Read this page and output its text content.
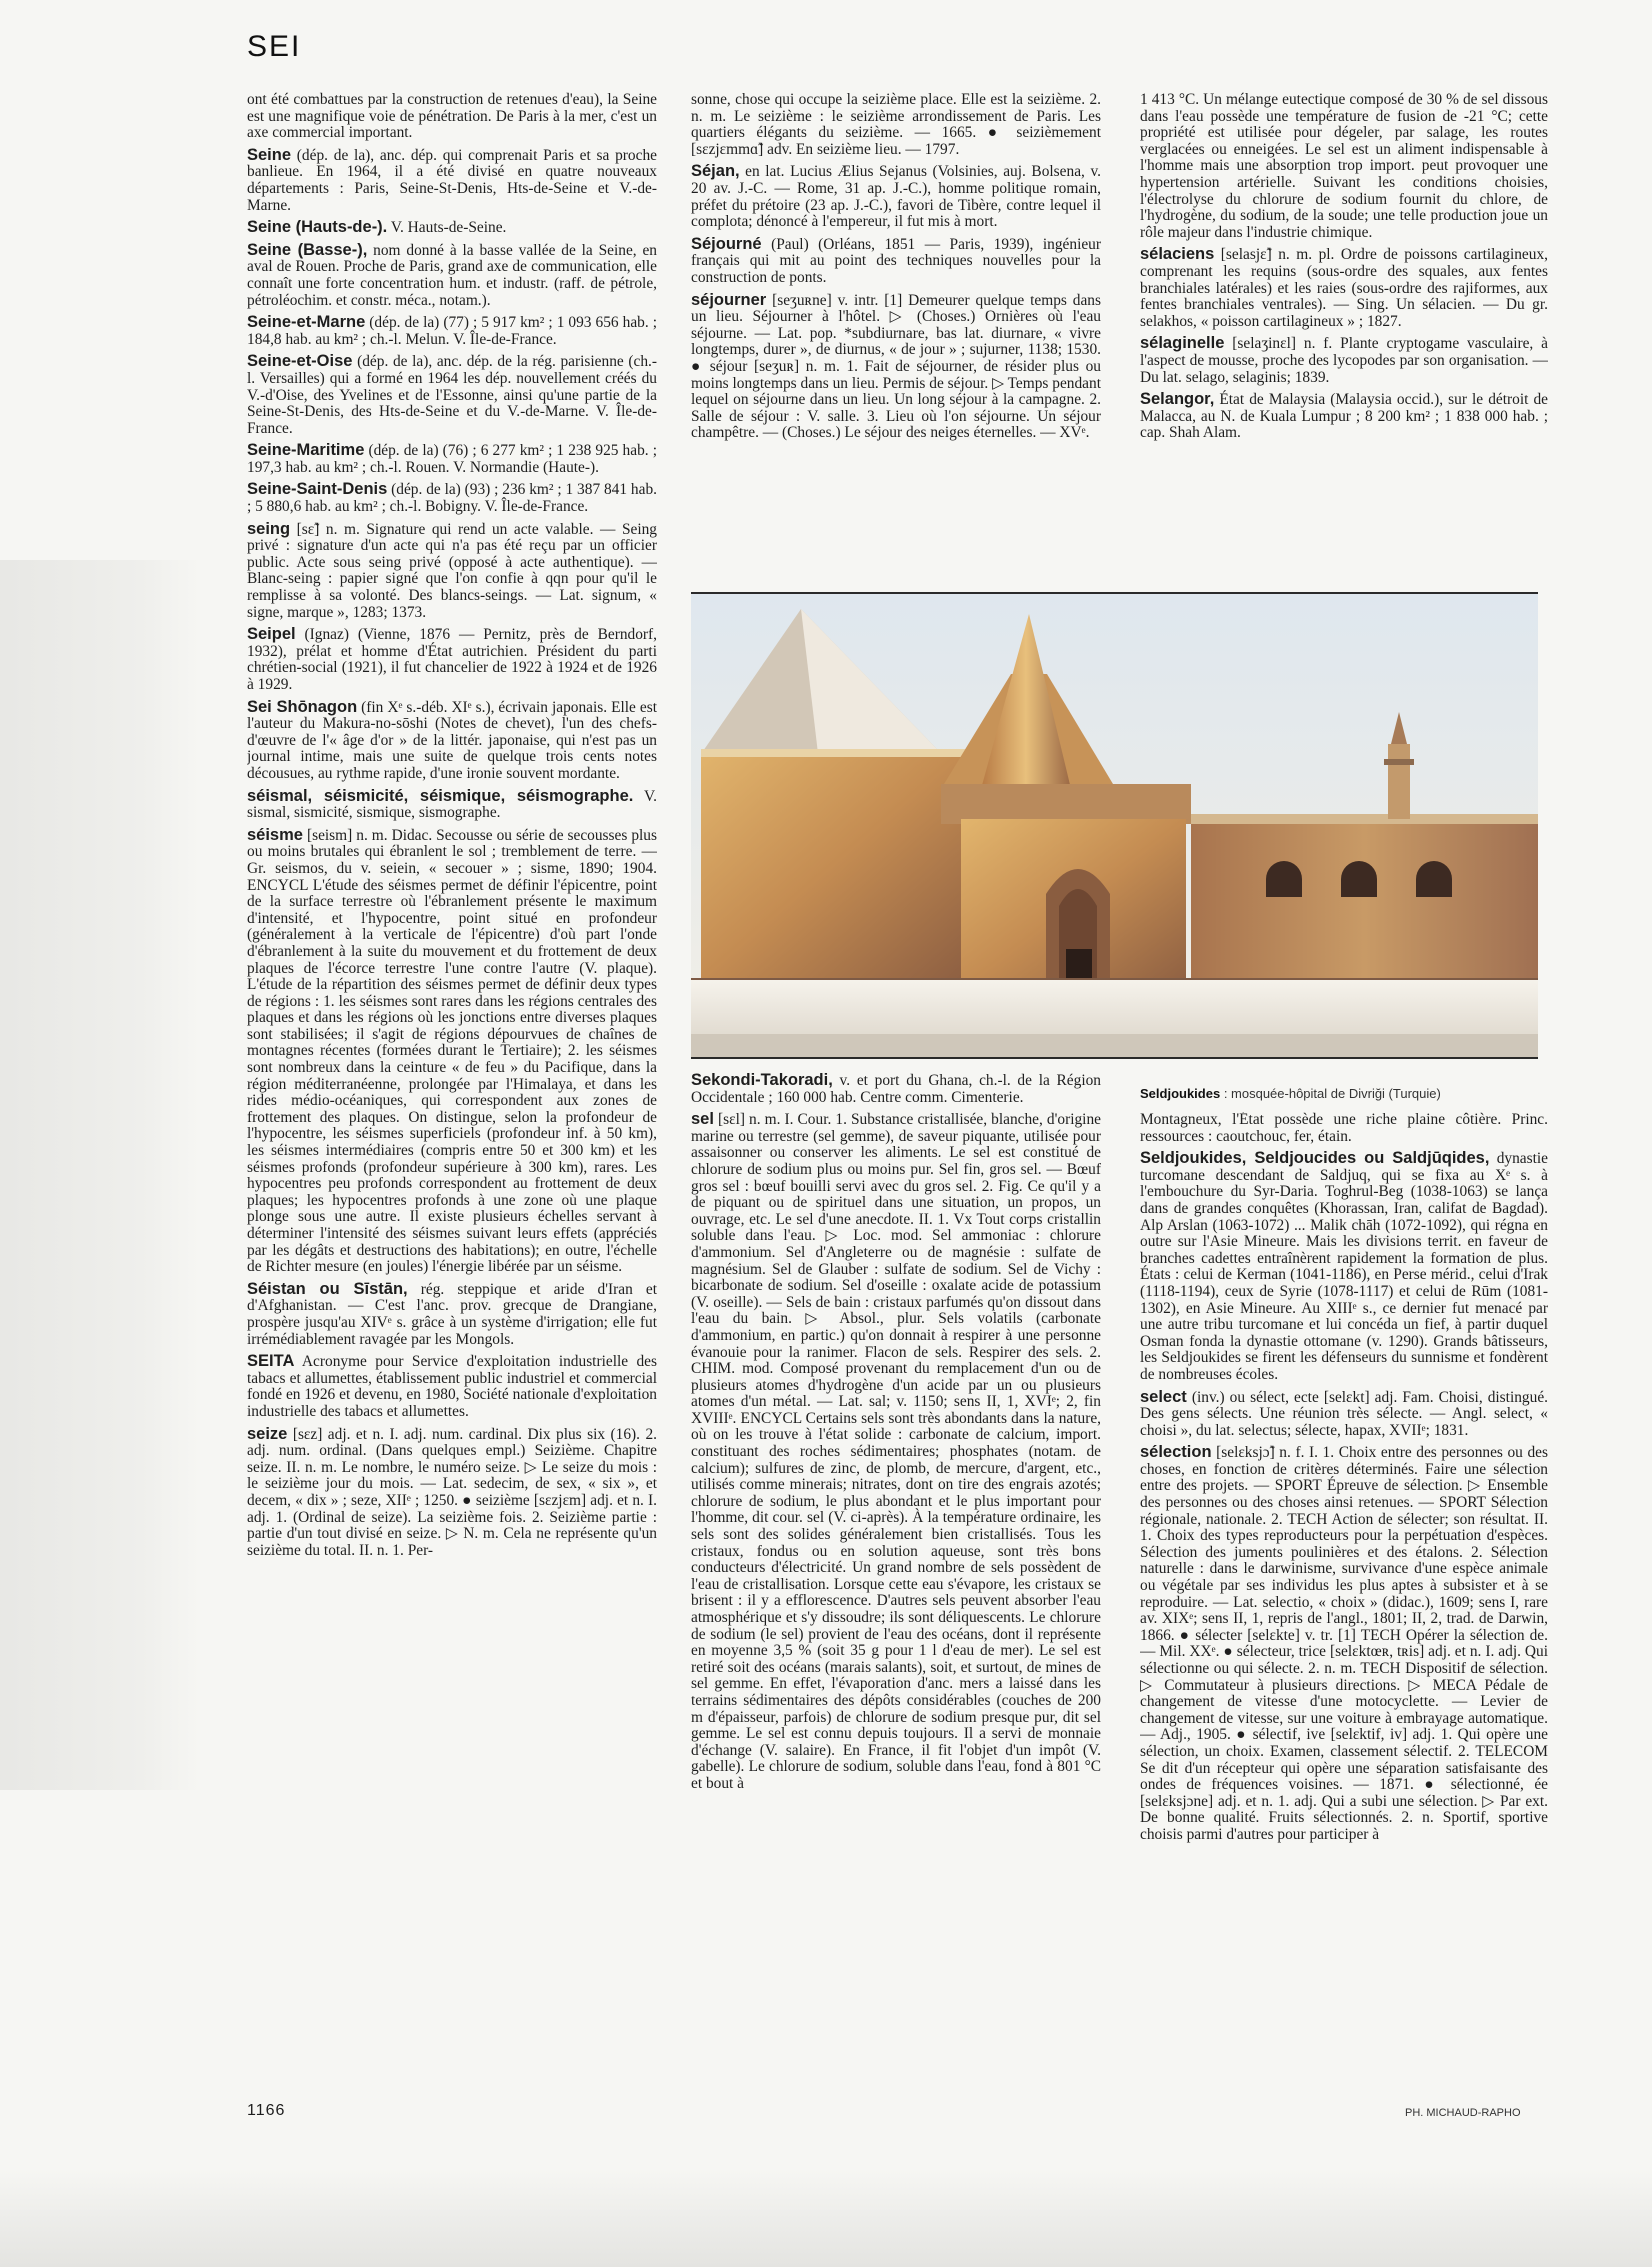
SEI

ont été combattues par la construction de retenues d'eau), la Seine est une magnifique voie de pénétration. De Paris à la mer, c'est un axe commercial important.

Seine (dép. de la), anc. dép. qui comprenait Paris et sa proche banlieue. En 1964, il a été divisé en quatre nouveaux départements : Paris, Seine-St-Denis, Hts-de-Seine et V.-de-Marne.

Seine (Hauts-de-). V. Hauts-de-Seine.

Seine (Basse-), nom donné à la basse vallée de la Seine, en aval de Rouen. Proche de Paris, grand axe de communication, elle connaît une forte concentration hum. et industr. (raff. de pétrole, pétroléochim. et constr. méca., notam.).

Seine-et-Marne (dép. de la) (77) ; 5 917 km² ; 1 093 656 hab. ; 184,8 hab. au km² ; ch.-l. Melun. V. Île-de-France.

Seine-et-Oise (dép. de la), anc. dép. de la rég. parisienne (ch.-l. Versailles) qui a formé en 1964 les dép. nouvellement créés du V.-d'Oise, des Yvelines et de l'Essonne, ainsi qu'une partie de la Seine-St-Denis, des Hts-de-Seine et du V.-de-Marne. V. Île-de-France.

Seine-Maritime (dép. de la) (76) ; 6 277 km² ; 1 238 925 hab. ; 197,3 hab. au km² ; ch.-l. Rouen. V. Normandie (Haute-).

Seine-Saint-Denis (dép. de la) (93) ; 236 km² ; 1 387 841 hab. ; 5 880,6 hab. au km² ; ch.-l. Bobigny. V. Île-de-France.

seing [sɛ̃] n. m. Signature qui rend un acte valable. — Seing privé : signature d'un acte qui n'a pas été reçu par un officier public. Acte sous seing privé (opposé à acte authentique). — Blanc-seing : papier signé que l'on confie à qqn pour qu'il le remplisse à sa volonté. Des blancs-seings. — Lat. signum, « signe, marque », 1283; 1373.

Seipel (Ignaz) (Vienne, 1876 — Pernitz, près de Berndorf, 1932), prélat et homme d'État autrichien. Président du parti chrétien-social (1921), il fut chancelier de 1922 à 1924 et de 1926 à 1929.

Sei Shōnagon (fin Xᵉ s.-déb. XIᵉ s.), écrivain japonais. Elle est l'auteur du Makura-no-sōshi (Notes de chevet), l'un des chefs-d'œuvre de l'« âge d'or » de la littér. japonaise, qui n'est pas un journal intime, mais une suite de quelque trois cents notes décousues, au rythme rapide, d'une ironie souvent mordante.

séismal, séismicité, séismique, séismographe. V. sismal, sismicité, sismique, sismographe.

séisme [seism] n. m. Didac. Secousse ou série de secousses plus ou moins brutales qui ébranlent le sol ; tremblement de terre. — Gr. seismos, du v. seiein, « secouer » ; sisme, 1890; 1904. ENCYCL L'étude des séismes permet de définir l'épicentre, point de la surface terrestre où l'ébranlement présente le maximum d'intensité, et l'hypocentre, point situé en profondeur (généralement à la verticale de l'épicentre) d'où part l'onde d'ébranlement à la suite du mouvement et du frottement de deux plaques de l'écorce terrestre l'une contre l'autre (V. plaque). L'étude de la répartition des séismes permet de définir deux types de régions : 1. les séismes sont rares dans les régions centrales des plaques et dans les régions où les jonctions entre diverses plaques sont stabilisées; il s'agit de régions dépourvues de chaînes de montagnes récentes (formées durant le Tertiaire); 2. les séismes sont nombreux dans la ceinture « de feu » du Pacifique, dans la région méditerranéenne, prolongée par l'Himalaya, et dans les rides médio-océaniques, qui correspondent aux zones de frottement des plaques. On distingue, selon la profondeur de l'hypocentre, les séismes superficiels (profondeur inf. à 50 km), les séismes intermédiaires (compris entre 50 et 300 km) et les séismes profonds (profondeur supérieure à 300 km), rares. Les hypocentres peu profonds correspondent au frottement de deux plaques; les hypocentres profonds à une zone où une plaque plonge sous une autre. Il existe plusieurs échelles servant à déterminer l'intensité des séismes suivant leurs effets (appréciés par les dégâts et destructions des habitations); en outre, l'échelle de Richter mesure (en joules) l'énergie libérée par un séisme.

Séistan ou Sīstān, rég. steppique et aride d'Iran et d'Afghanistan. — C'est l'anc. prov. grecque de Drangiane, prospère jusqu'au XIVᵉ s. grâce à un système d'irrigation; elle fut irrémédiablement ravagée par les Mongols.

SEITA Acronyme pour Service d'exploitation industrielle des tabacs et allumettes, établissement public industriel et commercial fondé en 1926 et devenu, en 1980, Société nationale d'exploitation industrielle des tabacs et allumettes.

seize [sɛz] adj. et n. I. adj. num. cardinal. Dix plus six (16). 2. adj. num. ordinal. (Dans quelques empl.) Seizième. Chapitre seize. II. n. m. Le nombre, le numéro seize. ▷ Le seize du mois : le seizième jour du mois. — Lat. sedecim, de sex, « six », et decem, « dix » ; seze, XIIᵉ ; 1250. ● seizième [sɛzjɛm] adj. et n. I. adj. 1. (Ordinal de seize). La seizième fois. 2. Seizième partie : partie d'un tout divisé en seize. ▷ N. m. Cela ne représente qu'un seizième du total. II. n. 1. Per-

sonne, chose qui occupe la seizième place. Elle est la seizième. 2. n. m. Le seizième : le seizième arrondissement de Paris. Les quartiers élégants du seizième. — 1665. ● seizièmement [sɛzjɛmmɑ̃] adv. En seizième lieu. — 1797.

Séjan, en lat. Lucius Ælius Sejanus (Volsinies, auj. Bolsena, v. 20 av. J.-C. — Rome, 31 ap. J.-C.), homme politique romain, préfet du prétoire (23 ap. J.-C.), favori de Tibère, contre lequel il complota; dénoncé à l'empereur, il fut mis à mort.

Séjourné (Paul) (Orléans, 1851 — Paris, 1939), ingénieur français qui mit au point des techniques nouvelles pour la construction de ponts.

séjourner [seʒuʀne] v. intr. [1] Demeurer quelque temps dans un lieu. Séjourner à l'hôtel. ▷ (Choses.) Ornières où l'eau séjourne. — Lat. pop. *subdiurnare, bas lat. diurnare, « vivre longtemps, durer », de diurnus, « de jour » ; sujurner, 1138; 1530. ● séjour [seʒuʀ] n. m. 1. Fait de séjourner, de résider plus ou moins longtemps dans un lieu. Permis de séjour. ▷ Temps pendant lequel on séjourne dans un lieu. Un long séjour à la campagne. 2. Salle de séjour : V. salle. 3. Lieu où l'on séjourne. Un séjour champêtre. — (Choses.) Le séjour des neiges éternelles. — XVᵉ.

1 413 °C. Un mélange eutectique composé de 30 % de sel dissous dans l'eau possède une température de fusion de -21 °C; cette propriété est utilisée pour dégeler, par salage, les routes verglacées ou enneigées. Le sel est un aliment indispensable à l'homme mais une absorption trop import. peut provoquer une hypertension artérielle. Suivant les conditions choisies, l'électrolyse du chlorure de sodium fournit du chlore, de l'hydrogène, du sodium, de la soude; une telle production joue un rôle majeur dans l'industrie chimique.

sélaciens [selasjɛ̃] n. m. pl. Ordre de poissons cartilagineux, comprenant les requins (sous-ordre des squales, aux fentes branchiales latérales) et les raies (sous-ordre des rajiformes, aux fentes branchiales ventrales). — Sing. Un sélacien. — Du gr. selakhos, « poisson cartilagineux » ; 1827.

sélaginelle [selaʒinɛl] n. f. Plante cryptogame vasculaire, à l'aspect de mousse, proche des lycopodes par son organisation. — Du lat. selago, selaginis; 1839.

Selangor, État de Malaysia (Malaysia occid.), sur le détroit de Malacca, au N. de Kuala Lumpur ; 8 200 km² ; 1 838 000 hab. ; cap. Shah Alam.

Seldjoukides : mosquée-hôpital de Divriği (Turquie)

Sekondi-Takoradi, v. et port du Ghana, ch.-l. de la Région Occidentale ; 160 000 hab. Centre comm. Cimenterie.

sel [sɛl] n. m. I. Cour. 1. Substance cristallisée, blanche, d'origine marine ou terrestre (sel gemme), de saveur piquante, utilisée pour assaisonner ou conserver les aliments. Le sel est constitué de chlorure de sodium plus ou moins pur. Sel fin, gros sel. — Bœuf gros sel : bœuf bouilli servi avec du gros sel. 2. Fig. Ce qu'il y a de piquant ou de spirituel dans une situation, un propos, un ouvrage, etc. Le sel d'une anecdote. II. 1. Vx Tout corps cristallin soluble dans l'eau. ▷ Loc. mod. Sel ammoniac : chlorure d'ammonium. Sel d'Angleterre ou de magnésie : sulfate de magnésium. Sel de Glauber : sulfate de sodium. Sel de Vichy : bicarbonate de sodium. Sel d'oseille : oxalate acide de potassium (V. oseille). — Sels de bain : cristaux parfumés qu'on dissout dans l'eau du bain. ▷ Absol., plur. Sels volatils (carbonate d'ammonium, en partic.) qu'on donnait à respirer à une personne évanouie pour la ranimer. Flacon de sels. Respirer des sels. 2. CHIM. mod. Composé provenant du remplacement d'un ou de plusieurs atomes d'hydrogène d'un acide par un ou plusieurs atomes d'un métal. — Lat. sal; v. 1150; sens II, 1, XVIᵉ; 2, fin XVIIIᵉ. ENCYCL Certains sels sont très abondants dans la nature, où on les trouve à l'état solide : carbonate de calcium, import. constituant des roches sédimentaires; phosphates (notam. de calcium); sulfures de zinc, de plomb, de mercure, d'argent, etc., utilisés comme minerais; nitrates, dont on tire des engrais azotés; chlorure de sodium, le plus abondant et le plus important pour l'homme, dit cour. sel (V. ci-après). À la température ordinaire, les sels sont des solides généralement bien cristallisés. Tous les cristaux, fondus ou en solution aqueuse, sont très bons conducteurs d'électricité. Un grand nombre de sels possèdent de l'eau de cristallisation. Lorsque cette eau s'évapore, les cristaux se brisent : il y a efflorescence. D'autres sels peuvent absorber l'eau atmosphérique et s'y dissoudre; ils sont déliquescents. Le chlorure de sodium (le sel) provient de l'eau des océans, dont il représente en moyenne 3,5 % (soit 35 g pour 1 l d'eau de mer). Le sel est retiré soit des océans (marais salants), soit, et surtout, de mines de sel gemme. En effet, l'évaporation d'anc. mers a laissé dans les terrains sédimentaires des dépôts considérables (couches de 200 m d'épaisseur, parfois) de chlorure de sodium presque pur, dit sel gemme. Le sel est connu depuis toujours. Il a servi de monnaie d'échange (V. salaire). En France, il fit l'objet d'un impôt (V. gabelle). Le chlorure de sodium, soluble dans l'eau, fond à 801 °C et bout à

Montagneux, l'État possède une riche plaine côtière. Princ. ressources : caoutchouc, fer, étain.

Seldjoukides, Seldjoucides ou Saldjūqides, dynastie turcomane descendant de Saldjuq, qui se fixa au Xᵉ s. à l'embouchure du Syr-Daria. Toghrul-Beg (1038-1063) se lança dans de grandes conquêtes (Khorassan, Iran, califat de Bagdad). Alp Arslan (1063-1072) ... Malik chāh (1072-1092), qui régna en outre sur l'Asie Mineure. Mais les divisions territ. en faveur de branches cadettes entraînèrent rapidement la formation de plus. États : celui de Kerman (1041-1186), en Perse mérid., celui d'Irak (1118-1194), ceux de Syrie (1078-1117) et celui de Rūm (1081-1302), en Asie Mineure. Au XIIIᵉ s., ce dernier fut menacé par une autre tribu turcomane et lui concéda un fief, à partir duquel Osman fonda la dynastie ottomane (v. 1290). Grands bâtisseurs, les Seldjoukides se firent les défenseurs du sunnisme et fondèrent de nombreuses écoles.

select (inv.) ou sélect, ecte [selɛkt] adj. Fam. Choisi, distingué. Des gens sélects. Une réunion très sélecte. — Angl. select, « choisi », du lat. selectus; sélecte, hapax, XVIIᵉ; 1831.

sélection [selɛksjɔ̃] n. f. I. 1. Choix entre des personnes ou des choses, en fonction de critères déterminés. Faire une sélection entre des projets. — SPORT Épreuve de sélection. ▷ Ensemble des personnes ou des choses ainsi retenues. — SPORT Sélection régionale, nationale. 2. TECH Action de sélecter; son résultat. II. 1. Choix des types reproducteurs pour la perpétuation d'espèces. Sélection des juments poulinières et des étalons. 2. Sélection naturelle : dans le darwinisme, survivance d'une espèce animale ou végétale par ses individus les plus aptes à subsister et à se reproduire. — Lat. selectio, « choix » (didac.), 1609; sens I, rare av. XIXᵉ; sens II, 1, repris de l'angl., 1801; II, 2, trad. de Darwin, 1866. ● sélecter [selɛkte] v. tr. [1] TECH Opérer la sélection de. — Mil. XXᵉ. ● sélecteur, trice [selɛktœʀ, tʀis] adj. et n. I. adj. Qui sélectionne ou qui sélecte. 2. n. m. TECH Dispositif de sélection. ▷ Commutateur à plusieurs directions. ▷ MECA Pédale de changement de vitesse d'une motocyclette. — Levier de changement de vitesse, sur une voiture à embrayage automatique. — Adj., 1905. ● sélectif, ive [selɛktif, iv] adj. 1. Qui opère une sélection, un choix. Examen, classement sélectif. 2. TELECOM Se dit d'un récepteur qui opère une séparation satisfaisante des ondes de fréquences voisines. — 1871. ● sélectionné, ée [selɛksjɔne] adj. et n. 1. adj. Qui a subi une sélection. ▷ Par ext. De bonne qualité. Fruits sélectionnés. 2. n. Sportif, sportive choisis parmi d'autres pour participer à

1166	PH. MICHAUD-RAPHO
